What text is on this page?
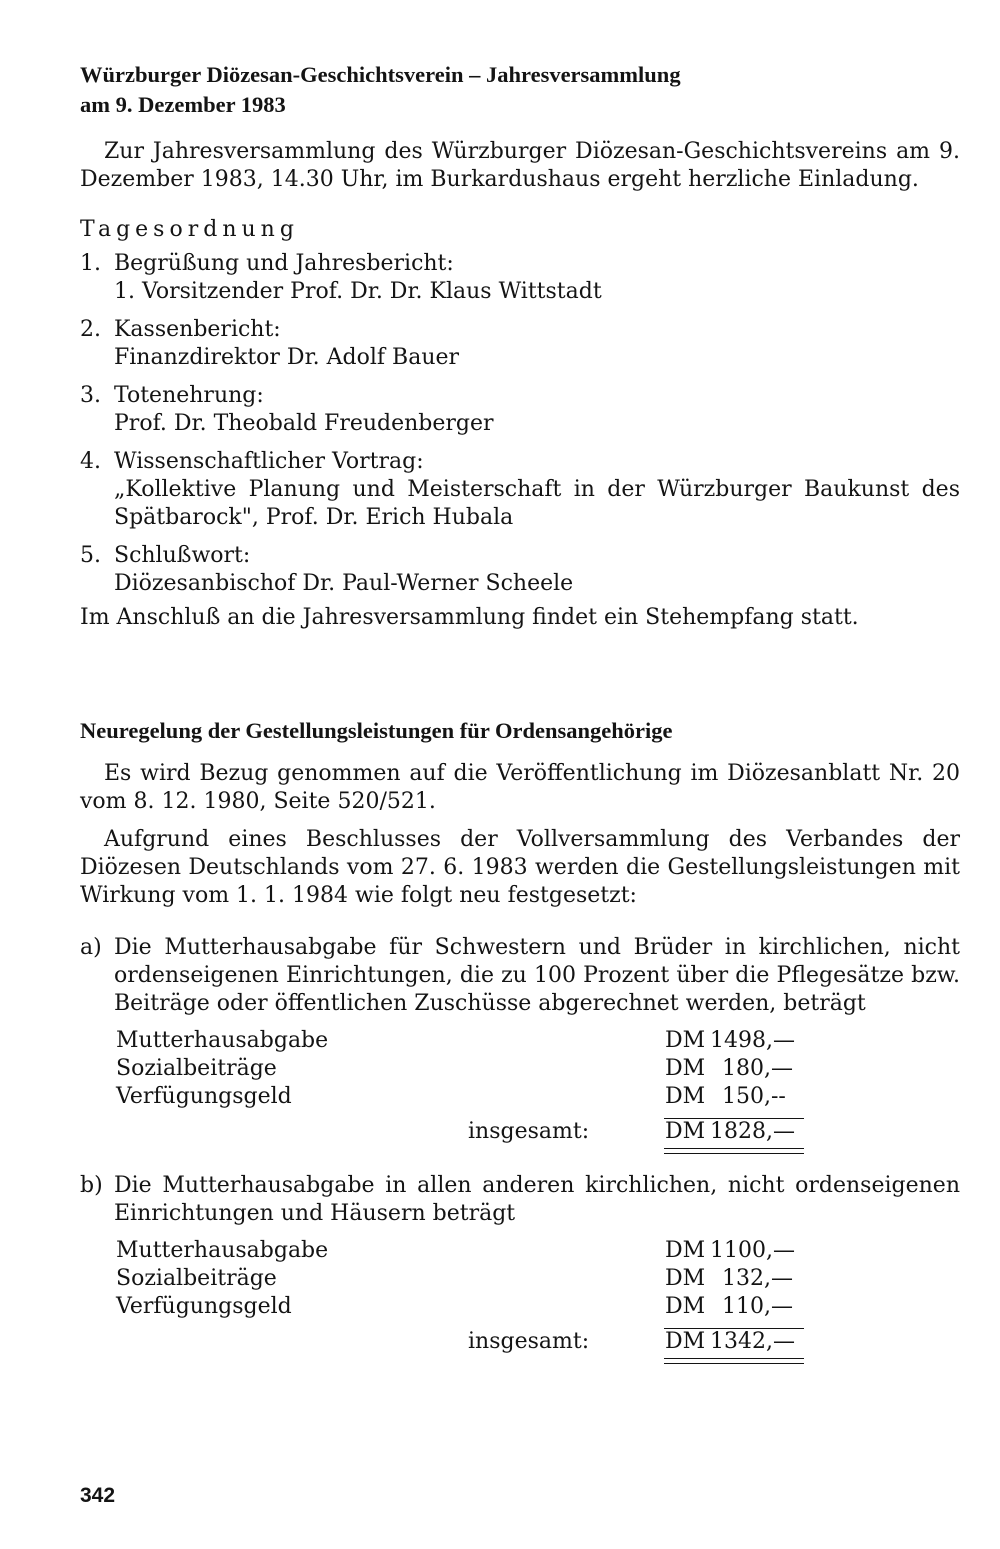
Würzburger Diözesan-Geschichtsverein – Jahresversammlung

am 9. Dezember 1983

Zur Jahresversammlung des Würzburger Diözesan-Geschichtsvereins am 9. Dezember 1983, 14.30 Uhr, im Burkardushaus ergeht herzliche Einladung.

Tagesordnung

1. Begrüßung und Jahresbericht:
1. Vorsitzender Prof. Dr. Dr. Klaus Wittstadt
2. Kassenbericht:
Finanzdirektor Dr. Adolf Bauer
3. Totenehrung:
Prof. Dr. Theobald Freudenberger
4. Wissenschaftlicher Vortrag:
„Kollektive Planung und Meisterschaft in der Würzburger Baukunst des Spätbarock", Prof. Dr. Erich Hubala
5. Schlußwort:
Diözesanbischof Dr. Paul-Werner Scheele

Im Anschluß an die Jahresversammlung findet ein Stehempfang statt.

Neuregelung der Gestellungsleistungen für Ordensangehörige

Es wird Bezug genommen auf die Veröffentlichung im Diözesanblatt Nr. 20 vom 8. 12. 1980, Seite 520/521.

Aufgrund eines Beschlusses der Vollversammlung des Verbandes der Diözesen Deutschlands vom 27. 6. 1983 werden die Gestellungsleistungen mit Wirkung vom 1. 1. 1984 wie folgt neu festgesetzt:

a) Die Mutterhausabgabe für Schwestern und Brüder in kirchlichen, nicht ordenseigenen Einrichtungen, die zu 100 Prozent über die Pflegesätze bzw. Beiträge oder öffentlichen Zuschüsse abgerechnet werden, beträgt
Mutterhausabgabe	DM 1498,—
Sozialbeiträge	DM 180,—
Verfügungsgeld	DM 150,--
insgesamt:	DM 1828,—
b) Die Mutterhausabgabe in allen anderen kirchlichen, nicht ordenseigenen Einrichtungen und Häusern beträgt
Mutterhausabgabe	DM 1100,—
Sozialbeiträge	DM 132,—
Verfügungsgeld	DM 110,—
insgesamt:	DM 1342,—
342
